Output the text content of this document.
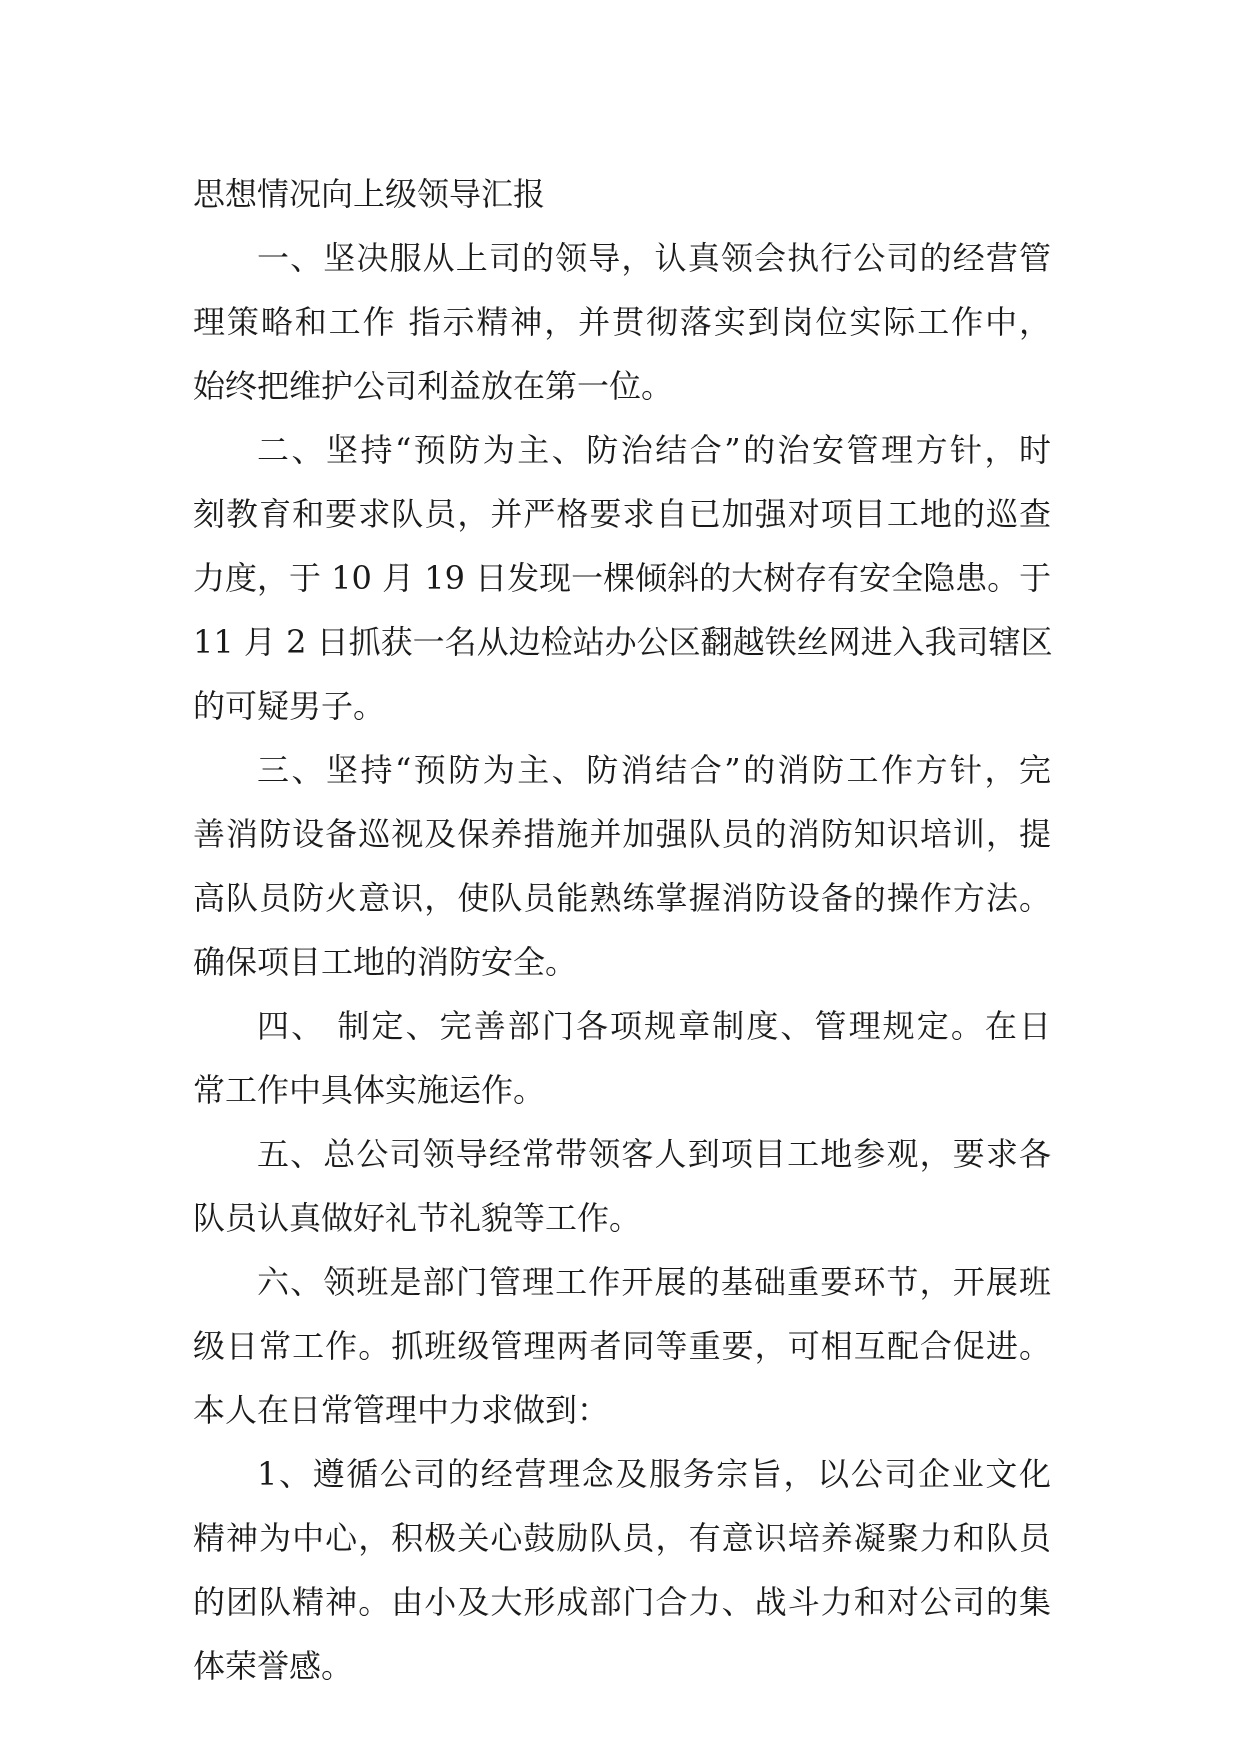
思想情况向上级领导汇报
一、坚决服从上司的领导，认真领会执行公司的经营管
理策略和工作 指示精神，并贯彻落实到岗位实际工作中，
始终把维护公司利益放在第一位。
二、坚持“预防为主、防治结合”的治安管理方针，时
刻教育和要求队员，并严格要求自已加强对项目工地的巡查
力度，于 10 月 19 日发现一棵倾斜的大树存有安全隐患。于
11 月 2 日抓获一名从边检站办公区翻越铁丝网进入我司辖区
的可疑男子。
三、坚持“预防为主、防消结合”的消防工作方针，完
善消防设备巡视及保养措施并加强队员的消防知识培训，提
高队员防火意识，使队员能熟练掌握消防设备的操作方法。
确保项目工地的消防安全。
四、 制定、完善部门各项规章制度、管理规定。在日
常工作中具体实施运作。
五、总公司领导经常带领客人到项目工地参观，要求各
队员认真做好礼节礼貌等工作。
六、领班是部门管理工作开展的基础重要环节，开展班
级日常工作。抓班级管理两者同等重要，可相互配合促进。
本人在日常管理中力求做到：
1、遵循公司的经营理念及服务宗旨，以公司企业文化
精神为中心，积极关心鼓励队员，有意识培养凝聚力和队员
的团队精神。由小及大形成部门合力、战斗力和对公司的集
体荣誉感。
